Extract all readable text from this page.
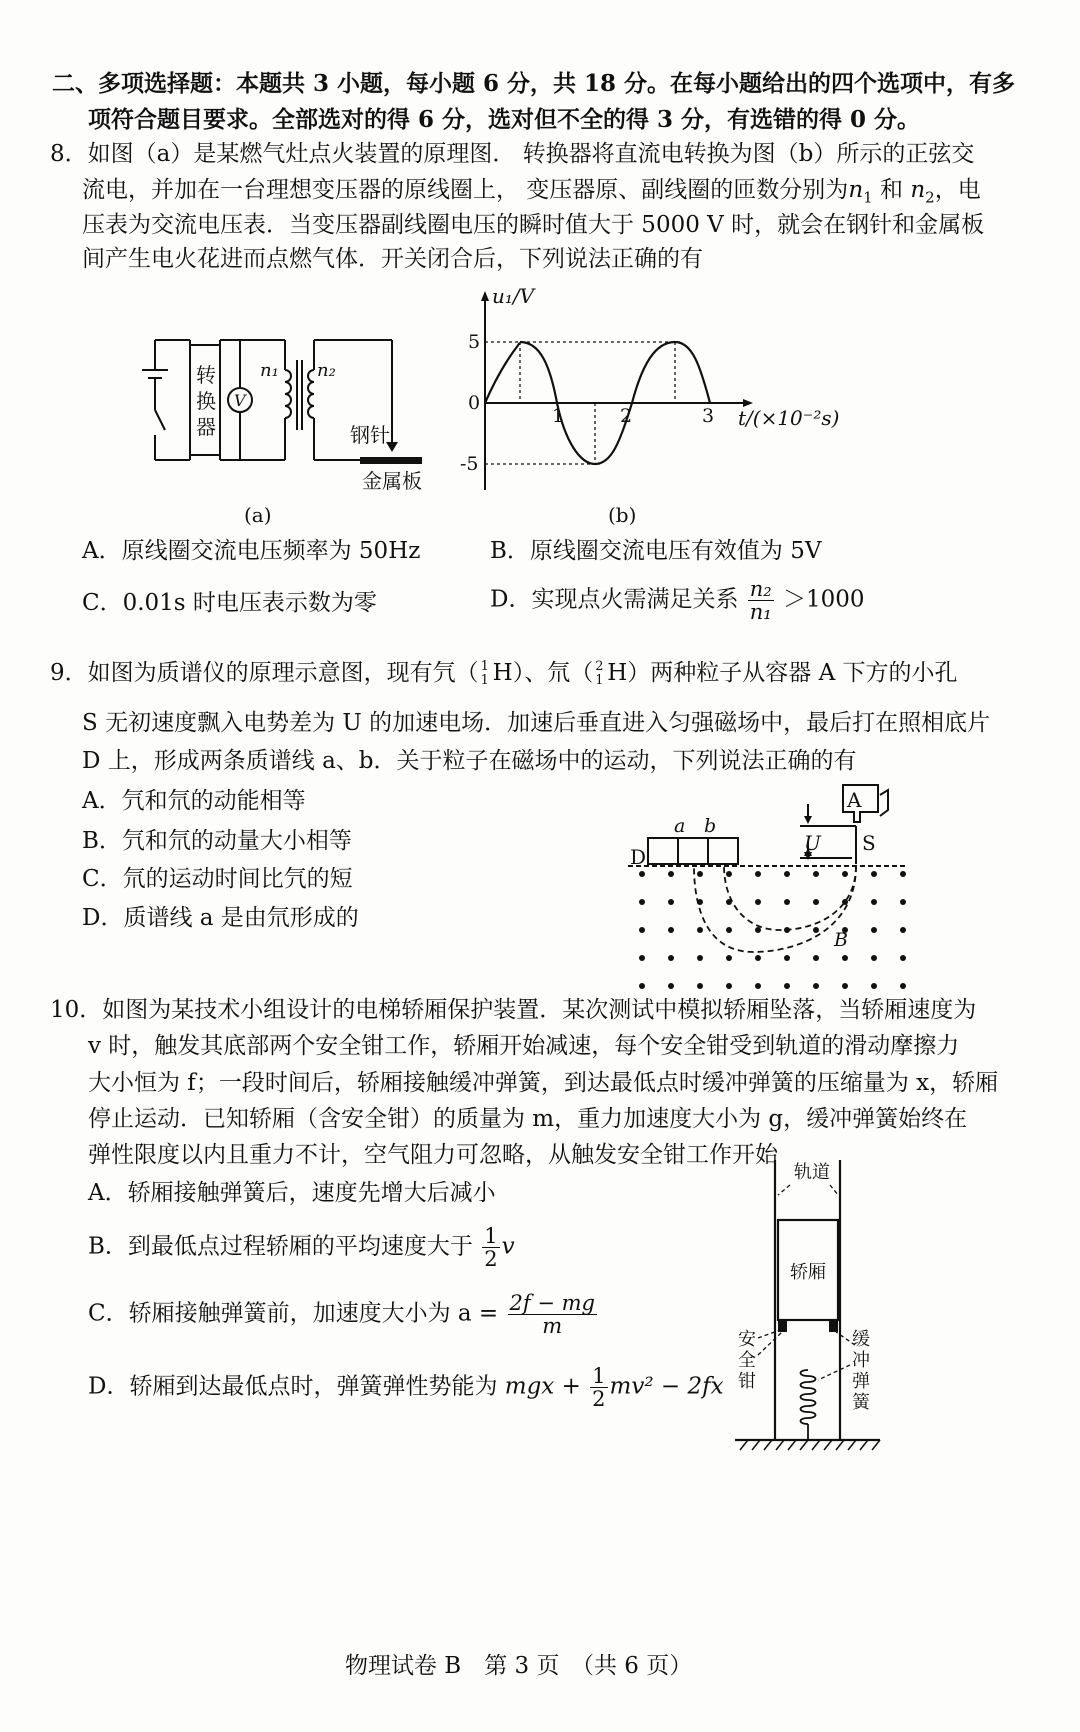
二、多项选择题：本题共 3 小题，每小题 6 分，共 18 分。在每小题给出的四个选项中，有多
项符合题目要求。全部选对的得 6 分，选对但不全的得 3 分，有选错的得 0 分。
8．如图（a）是某燃气灶点火装置的原理图． 转换器将直流电转换为图（b）所示的正弦交
流电，并加在一台理想变压器的原线圈上， 变压器原、副线圈的匝数分别为$n_1$ 和 $n_2$，电
压表为交流电压表．当变压器副线圈电压的瞬时值大于 5000 V 时，就会在钢针和金属板
间产生电火花进而点燃气体．开关闭合后，下列说法正确的有
转
换
器
V
n₁ n₂
钢针
金属板
(a)
u₁/V
5
0
-5
1	2	3 t/(×10⁻²s)
(b)
A．原线圈交流电压频率为 50Hz	B．原线圈交流电压有效值为 5V
C．0.01s 时电压表示数为零	D．实现点火需满足关系 $\frac{\text{n₂}}{\text{n₁}} >1000$
9．如图为质谱仪的原理示意图，现有氕（ 1
1 H）、氘（ 2
1 H）两种粒子从容器 A 下方的小孔
S 无初速度飘入电势差为 U 的加速电场．加速后垂直进入匀强磁场中，最后打在照相底片
D 上，形成两条质谱线 a、b．关于粒子在磁场中的运动，下列说法正确的有
A．氕和氘的动能相等
B．氕和氘的动量大小相等
C．氘的运动时间比氕的短
D．质谱线 a 是由氘形成的
A
U S
D
a b
B
10．如图为某技术小组设计的电梯轿厢保护装置．某次测试中模拟轿厢坠落，当轿厢速度为
v 时，触发其底部两个安全钳工作，轿厢开始减速，每个安全钳受到轨道的滑动摩擦力
大小恒为 f；一段时间后，轿厢接触缓冲弹簧，到达最低点时缓冲弹簧的压缩量为 x，轿厢
停止运动．已知轿厢（含安全钳）的质量为 m，重力加速度大小为 g，缓冲弹簧始终在
弹性限度以内且重力不计，空气阻力可忽略，从触发安全钳工作开始
A．轿厢接触弹簧后，速度先增大后减小
B．到最低点过程轿厢的平均速度大于 $\frac{1}{2}$ v
C．轿厢接触弹簧前，加速度大小为 $a = \frac{2f - mg}{m}$
D．轿厢到达最低点时，弹簧弹性势能为 mgx + $\frac{1}{2} mv^2 - 2fx$
轨道
轿厢
安
全
钳
缓
冲
弹
簧
物理试卷 B　第 3 页　（共 6 页）
